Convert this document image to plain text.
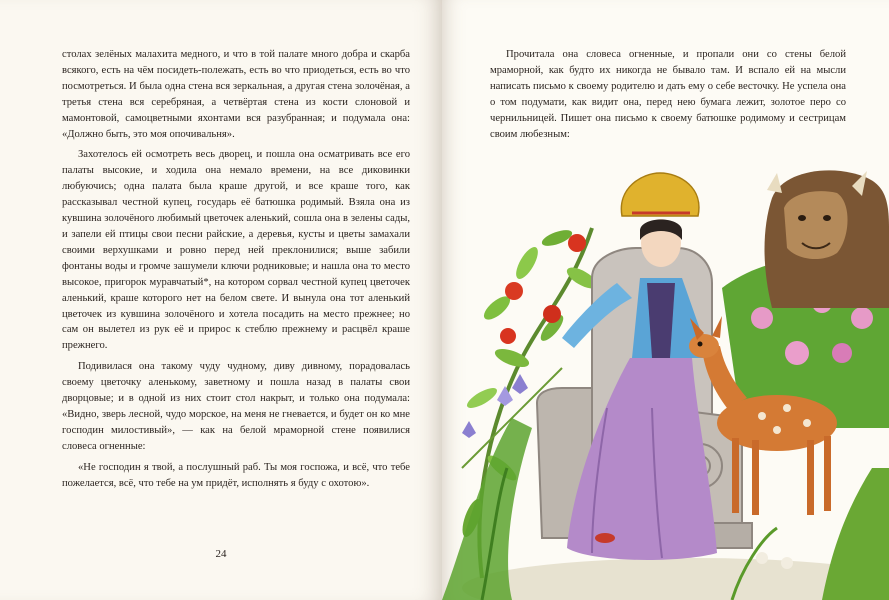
столах зелёных малахита медного, и что в той палате много добра и скарба всякого, есть на чём посидеть-полежать, есть во что приодеться, есть во что посмотреться. И была одна стена вся зеркальная, а другая стена золочёная, а третья стена вся серебряная, а четвёртая стена из кости слоновой и мамонтовой, самоцветными яхонтами вся разубранная; и подумала она: «Должно быть, это моя опочивальня».

Захотелось ей осмотреть весь дворец, и пошла она осматривать все его палаты высокие, и ходила она немало времени, на все диковинки любуючись; одна палата была краше другой, и все краше того, как рассказывал честной купец, государь её батюшка родимый. Взяла она из кувшина золочёного любимый цветочек аленький, сошла она в зелены сады, и запели ей птицы свои песни райские, а деревья, кусты и цветы замахали своими верхушками и ровно перед ней преклонилися; выше забили фонтаны воды и громче зашумели ключи родниковые; и нашла она то место высокое, пригорок муравчатый*, на котором сорвал честной купец цветочек аленький, краше которого нет на белом свете. И вынула она тот аленький цветочек из кувшина золочёного и хотела посадить на место прежнее; но сам он вылетел из рук её и прирос к стеблю прежнему и расцвёл краше прежнего.

Подивилася она такому чуду чудному, диву дивному, порадовалась своему цветочку аленькому, заветному и пошла назад в палаты свои дворцовые; и в одной из них стоит стол накрыт, и только она подумала: «Видно, зверь лесной, чудо морское, на меня не гневается, и будет он ко мне господин милостивый», — как на белой мраморной стене появилися словеса огненные:

«Не господин я твой, а послушный раб. Ты моя госпожа, и всё, что тебе пожелается, всё, что тебе на ум придёт, исполнять я буду с охотою».

24

Прочитала она словеса огненные, и пропали они со стены белой мраморной, как будто их никогда не бывало там. И вспало ей на мысли написать письмо к своему родителю и дать ему о себе весточку. Не успела она о том подумати, как видит она, перед нею бумага лежит, золотое перо со чернильницей. Пишет она письмо к своему батюшке родимому и сестрицам своим любезным:
